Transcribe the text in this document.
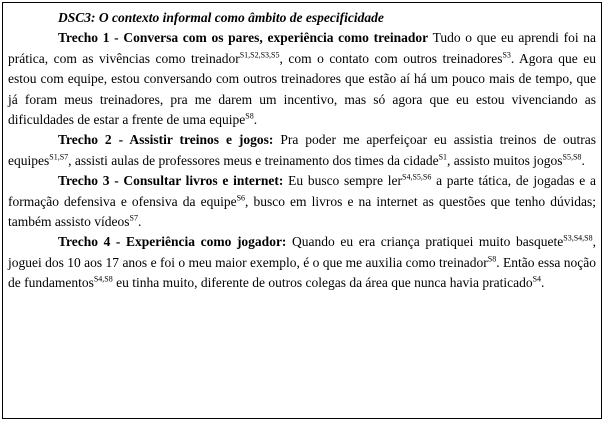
DSC3: O contexto informal como âmbito de especificidade

Trecho 1 - Conversa com os pares, experiência como treinador Tudo o que eu aprendi foi na prática, com as vivências como treinador$^{S1,S2,S3,S5}$, com o contato com outros treinadores$^{S3}$. Agora que eu estou com equipe, estou conversando com outros treinadores que estão aí há um pouco mais de tempo, que já foram meus treinadores, pra me darem um incentivo, mas só agora que eu estou vivenciando as dificuldades de estar a frente de uma equipe$^{S8}$.

Trecho 2 - Assistir treinos e jogos: Pra poder me aperfeiçoar eu assistia treinos de outras equipes$^{S1,S7}$, assisti aulas de professores meus e treinamento dos times da cidade$^{S1}$, assisto muitos jogos$^{S5,S8}$.

Trecho 3 - Consultar livros e internet: Eu busco sempre ler$^{S4,S5,S6}$ a parte tática, de jogadas e a formação defensiva e ofensiva da equipe$^{S6}$, busco em livros e na internet as questões que tenho dúvidas; também assisto vídeos$^{S7}$.

Trecho 4 - Experiência como jogador: Quando eu era criança pratiquei muito basquete$^{S3,S4,S8}$, joguei dos 10 aos 17 anos e foi o meu maior exemplo, é o que me auxilia como treinador$^{S8}$. Então essa noção de fundamentos$^{S4,S8}$ eu tinha muito, diferente de outros colegas da área que nunca havia praticado$^{S4}$.
